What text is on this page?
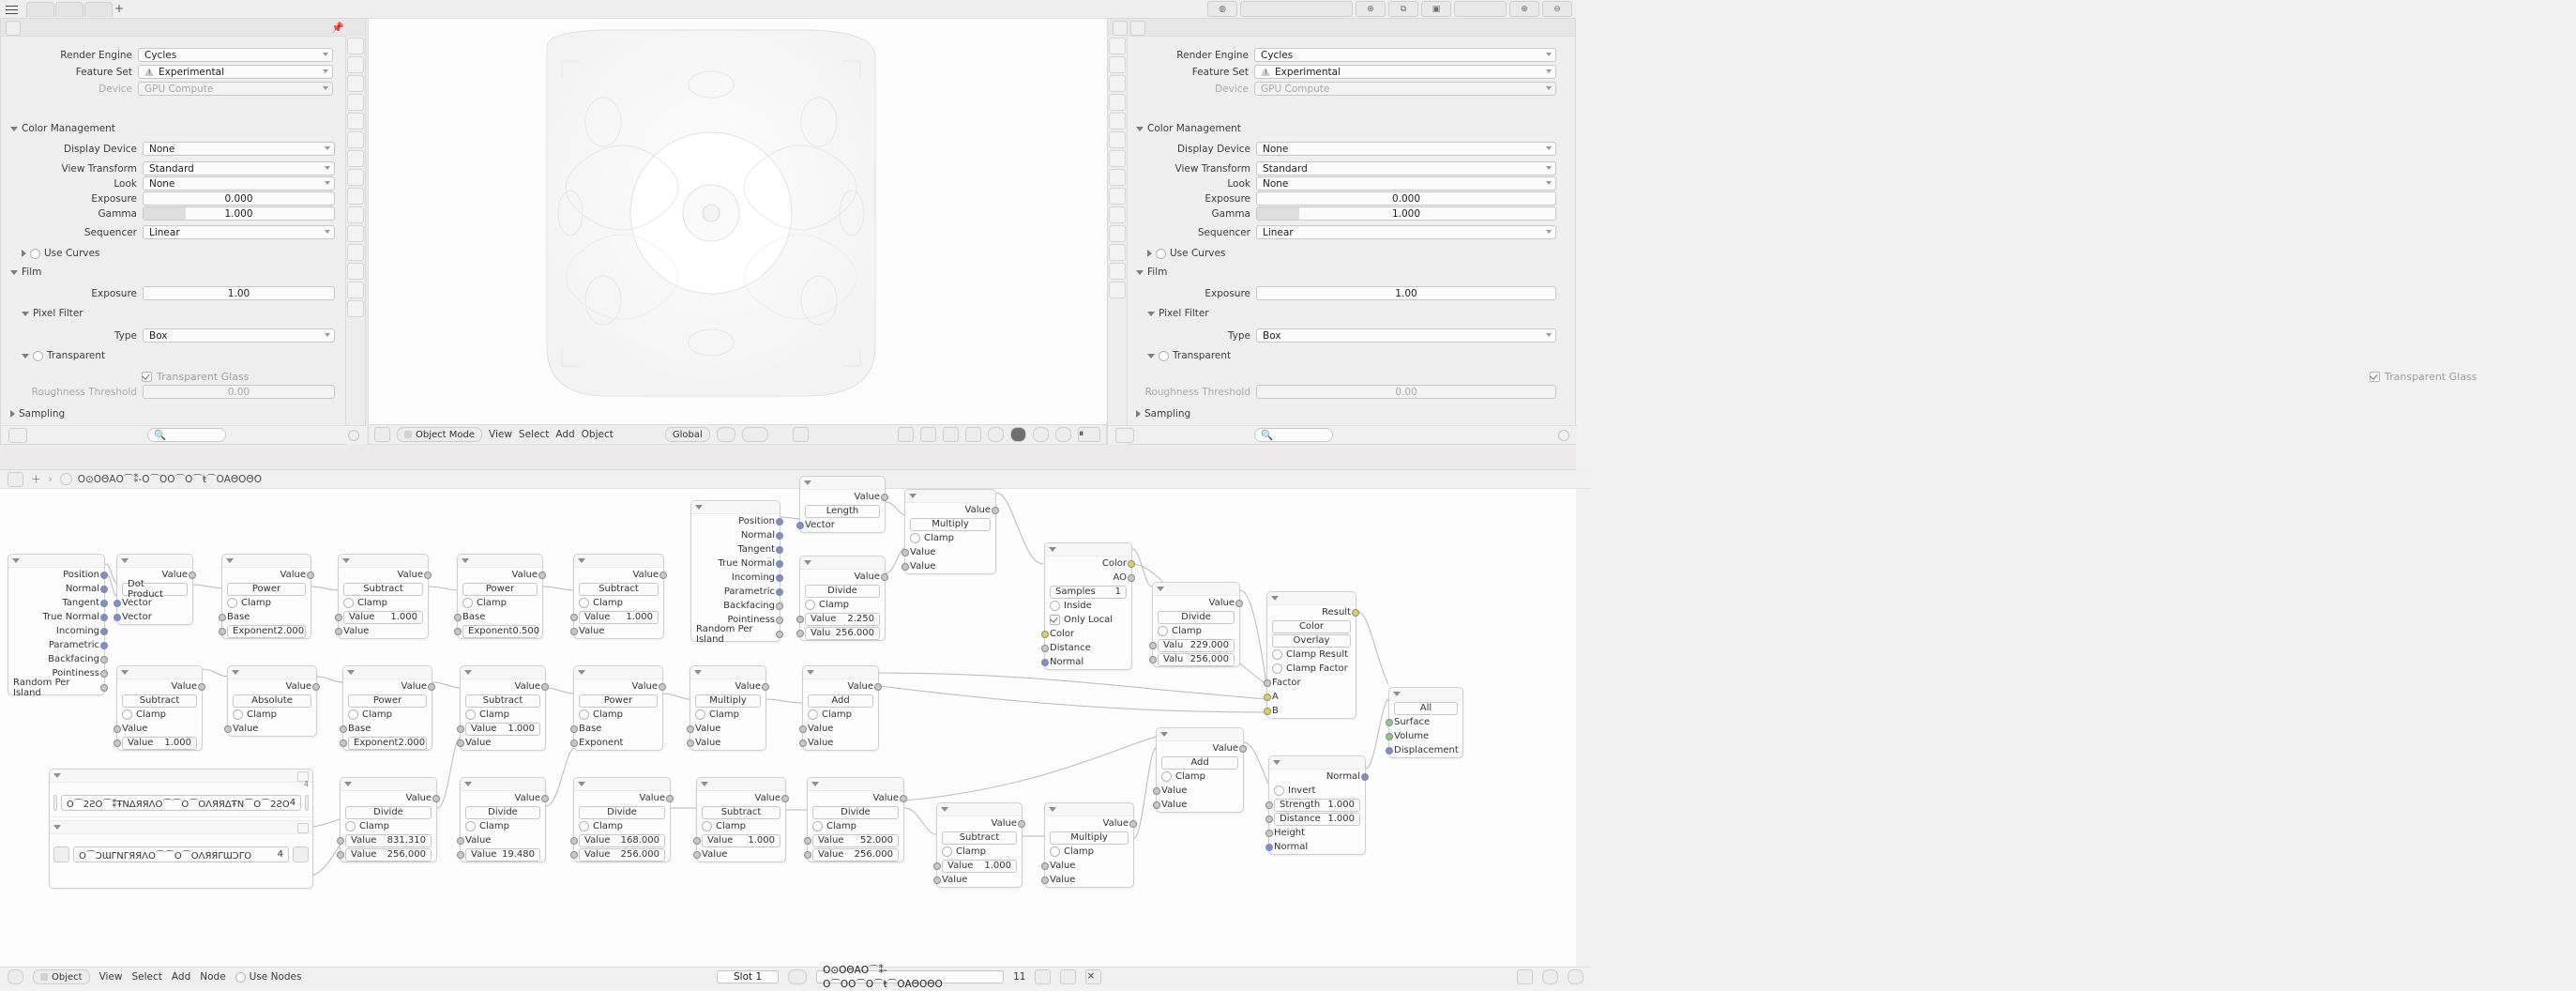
+	◍	⊕	⧉	▣	⊕	⊖
📌
Render Engine Cycles
Feature Set !	Experimental
Device GPU Compute
Color Management
Display Device None
View Transform Standard
Look None
Exposure	0.000
Gamma	1.000
Sequencer Linear
Use Curves
Film
Exposure	1.00
Pixel Filter
Type Box
Transparent
Transparent Glass
Roughness Threshold	0.00
Sampling
🔍	Object Mode View Select Add Object	Global	⏸
Render Engine Cycles
Feature Set !	Experimental
Device GPU Compute
Color Management
Display Device None
View Transform Standard
Look None
Exposure	0.000
Gamma	1.000
Sequencer Linear
Use Curves
Film
Exposure	1.00
Pixel Filter
Type Box
Transparent
Transparent Glass
Roughness Threshold	0.00
Sampling
🔍
＋ ›	Ο⊙ΟΘΑΟ⌒⁑-Ο⌒ΟΟ⌒Ο⌒ŧ⌒ΟΑΘΟΘΟ
Position
Normal
Tangent
True Normal
Incoming
Parametric
Backfacing
Pointiness
Random Per Island
Value
Dot Product
Vector
Vector
Value
Power
Clamp
Base
Exponent 2.000
Value
Subtract
Clamp
Value 1.000
Value
Value
Power
Clamp
Base
Exponent 0.500
Value
Subtract
Clamp
Value 1.000
Value
Position
Normal
Tangent
True Normal
Incoming
Parametric
Backfacing
Pointiness
Random Per Island
Value
Length
Vector
Value
Multiply
Clamp
Value
Value
Value
Divide
Clamp
Value 2.250
Valu 256.000
Color
AO
Samples 1
Inside
Only Local
Color
Distance
Normal
Value
Divide
Clamp
Valu 229.000
Valu 256.000
Result
Color
Overlay
Clamp Result
Clamp Factor
Factor
A
B	All
Surface
Volume
Displacement
Value
Subtract
Clamp
Value
Value 1.000
Value
Absolute
Clamp
Value
Value
Power
Clamp
Base
Exponent 2.000
Value
Subtract
Clamp
Value 1.000
Value
Value
Power
Clamp
Base
Exponent
Value
Multiply
Clamp
Value
Value
Value
Add
Clamp
Value
Value
Value
Add
Clamp
Value
Value
Normal
Invert
Strength 1.000
Distance 1.000
Height
Normal
Value
Divide
Clamp
Value 831.310
Value 256.000
Value
Divide
Clamp
Value
Value 19.480
Value
Divide
Clamp
Value 168.000
Value 256.000
Value
Subtract
Clamp
Value 1.000
Value
Value
Divide
Clamp
Value 52.000
Value 256.000
Value
Subtract
Clamp
Value 1.000
Value
Value
Multiply
Clamp
Value
Value
4
Ο⌒2ƧΟ⌒⁑ŦΝΔЯЯΛΟ⌒⌒Ο⌒ΟΛЯЯΔŦΝ⌒Ο⌒2ƧΟ 4
Ο⌒ƆƜΓΝΓЯЯΛΟ⌒⌒Ο⌒ΟΛЯЯΓƜƆΓΟ	4
Object View Select Add Node Use Nodes	Slot 1
Ο⊙ΟΘΑΟ⌒⁑-Ο⌒ΟΟ⌒Ο⌒ŧ⌒ΟΑΘΟΘΟ
11	×
